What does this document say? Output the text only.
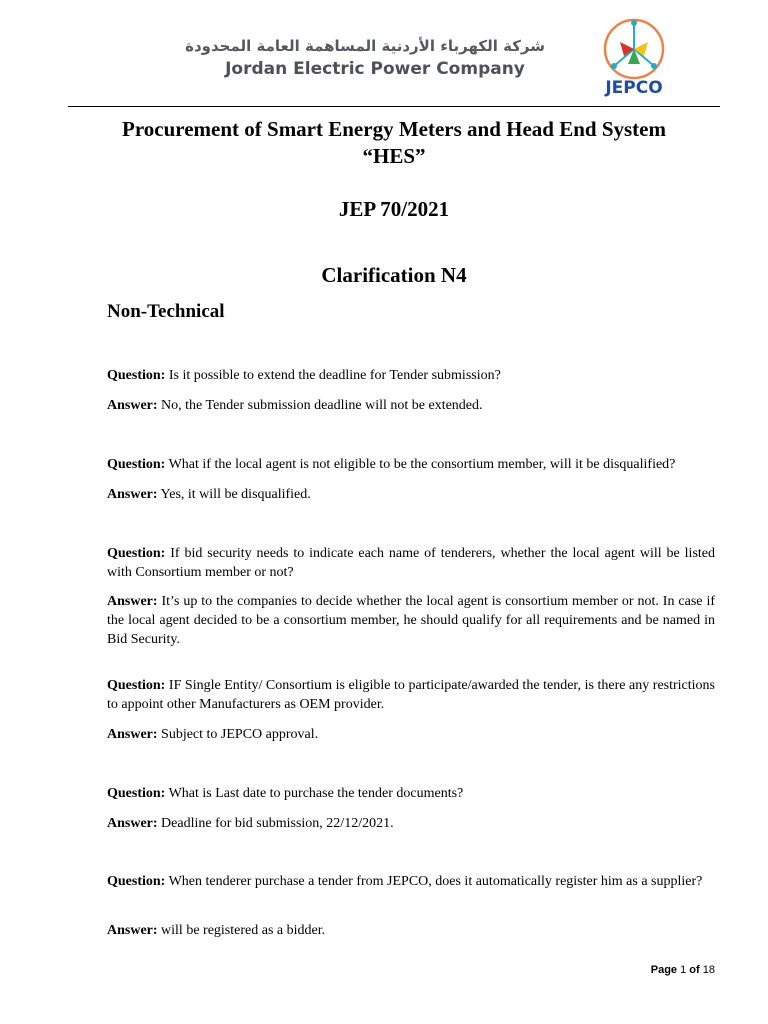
شركة الكهرباء الأردنية المساهمة العامة المحدودة
Jordan Electric Power Company
JEPCO
Procurement of Smart Energy Meters and Head End System
“HES”
JEP 70/2021
Clarification N4
Non-Technical
Question: Is it possible to extend the deadline for Tender submission?
Answer: No, the Tender submission deadline will not be extended.
Question: What if the local agent is not eligible to be the consortium member, will it be disqualified?
Answer: Yes, it will be disqualified.
Question: If bid security needs to indicate each name of tenderers, whether the local agent will be listed with Consortium member or not?
Answer: It’s up to the companies to decide whether the local agent is consortium member or not. In case if the local agent decided to be a consortium member, he should qualify for all requirements and be named in Bid Security.
Question: IF Single Entity/ Consortium is eligible to participate/awarded the tender, is there any restrictions to appoint other Manufacturers as OEM provider.
Answer: Subject to JEPCO approval.
Question: What is Last date to purchase the tender documents?
Answer: Deadline for bid submission, 22/12/2021.
Question: When tenderer purchase a tender from JEPCO, does it automatically register him as a supplier?
Answer: will be registered as a bidder.
Page 1 of 18
